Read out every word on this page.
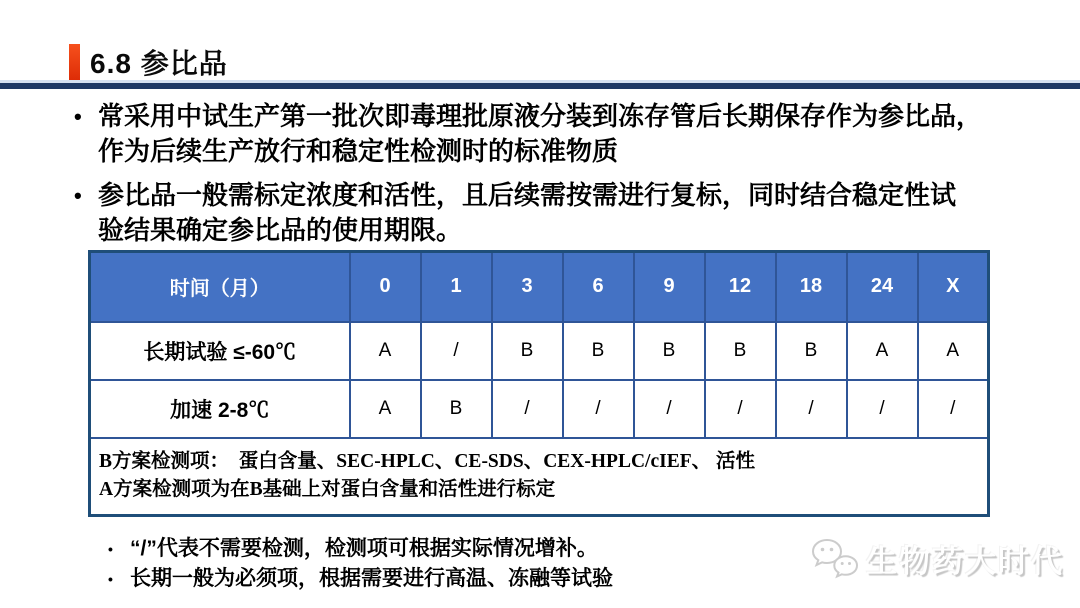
6.8 参比品
• 常采用中试生产第一批次即毒理批原液分装到冻存管后长期保存作为参比品，
作为后续生产放行和稳定性检测时的标准物质
• 参比品一般需标定浓度和活性，且后续需按需进行复标，同时结合稳定性试
验结果确定参比品的使用期限。
时间（月）	0	1	3	6	9	12	18	24	X
长期试验 ≤-60℃	A	/	B	B	B	B	B	A	A
加速 2-8℃	A	B	/	/	/	/	/	/	/

B方案检测项：  蛋白含量、SEC-HPLC、CE-SDS、CEX-HPLC/cIEF、 活性
A方案检测项为在B基础上对蛋白含量和活性进行标定									
• “/”代表不需要检测，检测项可根据实际情况增补。
• 长期一般为必须项，根据需要进行高温、冻融等试验	生物药大时代
